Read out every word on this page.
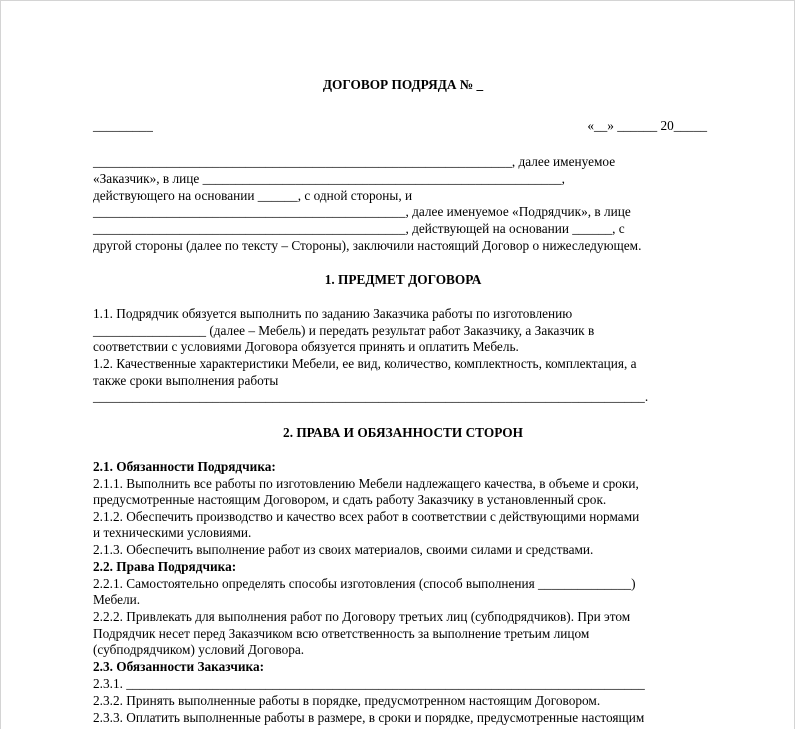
ДОГОВОР ПОДРЯДА № _
_________	«__» ______ 20_____
_______________________________________________________________, далее именуемое
«Заказчик», в лице ______________________________________________________,
действующего на основании ______, с одной стороны, и
_______________________________________________, далее именуемое «Подрядчик», в лице
_______________________________________________, действующей на основании ______, с
другой стороны (далее по тексту – Стороны), заключили настоящий Договор о нижеследующем.
1. ПРЕДМЕТ ДОГОВОРА
1.1. Подрядчик обязуется выполнить по заданию Заказчика работы по изготовлению
_________________ (далее – Мебель) и передать результат работ Заказчику, а Заказчик в
соответствии с условиями Договора обязуется принять и оплатить Мебель.
1.2. Качественные характеристики Мебели, ее вид, количество, комплектность, комплектация, а
также сроки выполнения работы
___________________________________________________________________________________.
2. ПРАВА И ОБЯЗАННОСТИ СТОРОН
2.1. Обязанности Подрядчика:
2.1.1. Выполнить все работы по изготовлению Мебели надлежащего качества, в объеме и сроки,
предусмотренные настоящим Договором, и сдать работу Заказчику в установленный срок.
2.1.2. Обеспечить производство и качество всех работ в соответствии с действующими нормами
и техническими условиями.
2.1.3. Обеспечить выполнение работ из своих материалов, своими силами и средствами.
2.2. Права Подрядчика:
2.2.1. Самостоятельно определять способы изготовления (способ выполнения ______________)
Мебели.
2.2.2. Привлекать для выполнения работ по Договору третьих лиц (субподрядчиков). При этом
Подрядчик несет перед Заказчиком всю ответственность за выполнение третьим лицом
(субподрядчиком) условий Договора.
2.3. Обязанности Заказчика:
2.3.1. ______________________________________________________________________________
2.3.2. Принять выполненные работы в порядке, предусмотренном настоящим Договором.
2.3.3. Оплатить выполненные работы в размере, в сроки и порядке, предусмотренные настоящим
